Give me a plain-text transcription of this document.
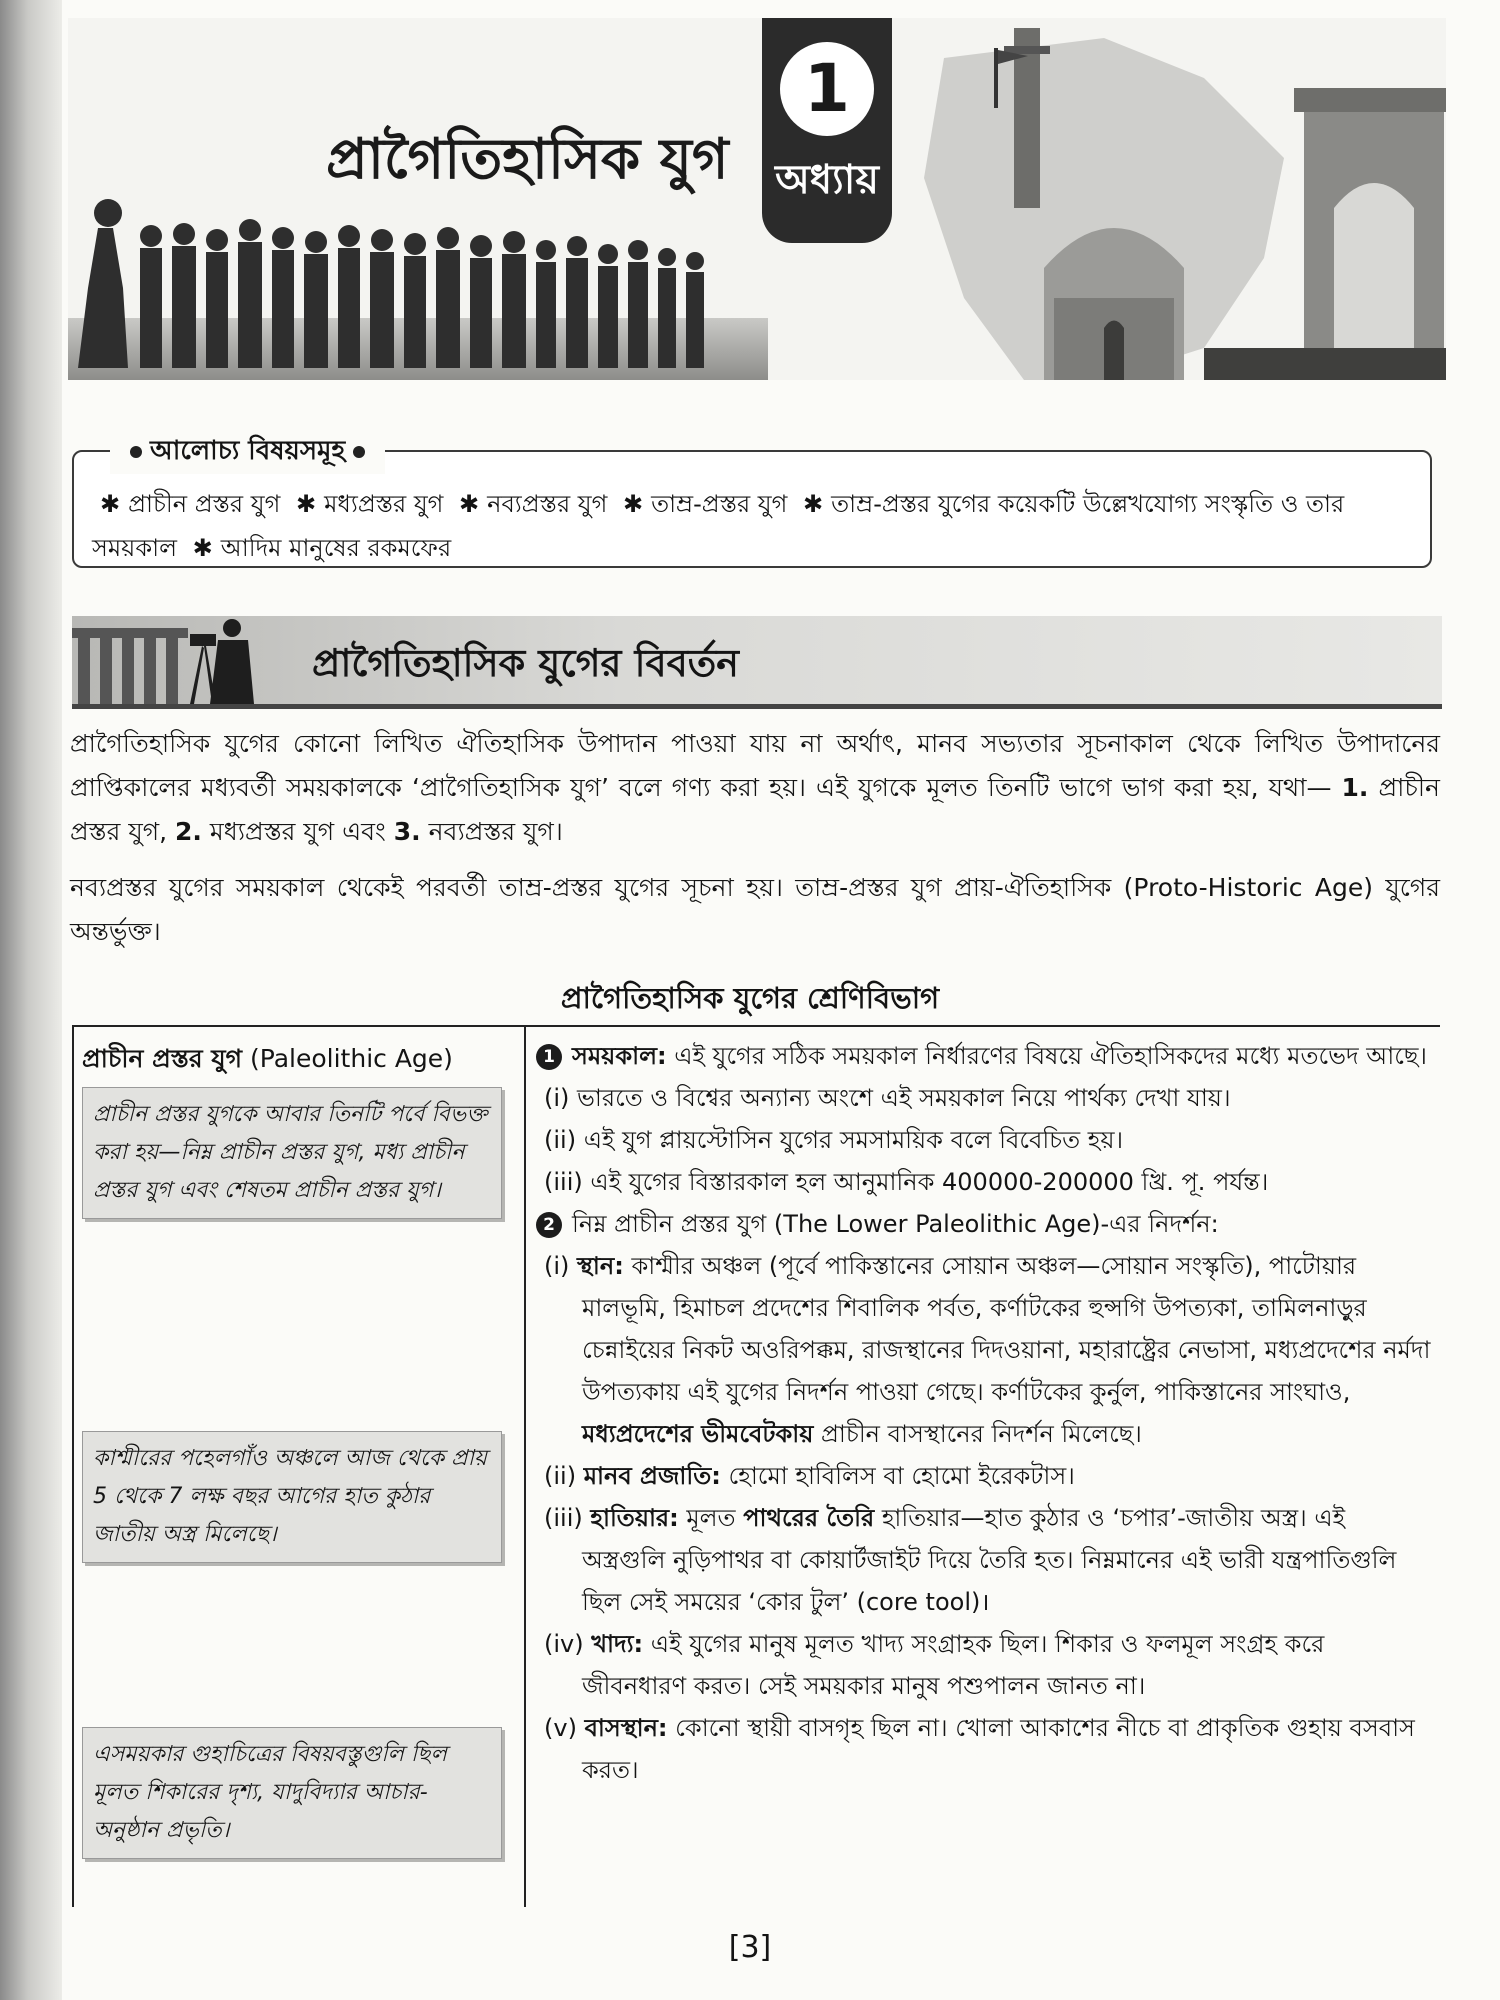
প্রাগৈতিহাসিক যুগ
1
অধ্যায়
আলোচ্য বিষয়সমূহ
✱ প্রাচীন প্রস্তর যুগ ✱ মধ্যপ্রস্তর যুগ ✱ নব্যপ্রস্তর যুগ ✱ তাম্র-প্রস্তর যুগ ✱ তাম্র-প্রস্তর যুগের কয়েকটি উল্লেখযোগ্য সংস্কৃতি ও তার সময়কাল ✱ আদিম মানুষের রকমফের
প্রাগৈতিহাসিক যুগের বিবর্তন

প্রাগৈতিহাসিক যুগের কোনো লিখিত ঐতিহাসিক উপাদান পাওয়া যায় না অর্থাৎ, মানব সভ্যতার সূচনাকাল থেকে লিখিত উপাদানের প্রাপ্তিকালের মধ্যবর্তী সময়কালকে ‘প্রাগৈতিহাসিক যুগ’ বলে গণ্য করা হয়। এই যুগকে মূলত তিনটি ভাগে ভাগ করা হয়, যথা— 1. প্রাচীন প্রস্তর যুগ, 2. মধ্যপ্রস্তর যুগ এবং 3. নব্যপ্রস্তর যুগ।

নব্যপ্রস্তর যুগের সময়কাল থেকেই পরবর্তী তাম্র-প্রস্তর যুগের সূচনা হয়। তাম্র-প্রস্তর যুগ প্রায়-ঐতিহাসিক (Proto-Historic Age) যুগের অন্তর্ভুক্ত।

প্রাগৈতিহাসিক যুগের শ্রেণিবিভাগ
প্রাচীন প্রস্তর যুগ (Paleolithic Age)
প্রাচীন প্রস্তর যুগকে আবার তিনটি পর্বে বিভক্ত করা হয়—নিম্ন প্রাচীন প্রস্তর যুগ, মধ্য প্রাচীন প্রস্তর যুগ এবং শেষতম প্রাচীন প্রস্তর যুগ।
কাশ্মীরের পহেলগাঁও অঞ্চলে আজ থেকে প্রায় 5 থেকে 7 লক্ষ বছর আগের হাত কুঠার জাতীয় অস্ত্র মিলেছে।
এসময়কার গুহাচিত্রের বিষয়বস্তুগুলি ছিল মূলত শিকারের দৃশ্য, যাদুবিদ্যার আচার-অনুষ্ঠান প্রভৃতি।

1 সময়কাল: এই যুগের সঠিক সময়কাল নির্ধারণের বিষয়ে ঐতিহাসিকদের মধ্যে মতভেদ আছে।

(i) ভারতে ও বিশ্বের অন্যান্য অংশে এই সময়কাল নিয়ে পার্থক্য দেখা যায়।

(ii) এই যুগ প্লায়স্টোসিন যুগের সমসাময়িক বলে বিবেচিত হয়।

(iii) এই যুগের বিস্তারকাল হল আনুমানিক 400000-200000 খ্রি. পূ. পর্যন্ত।

2 নিম্ন প্রাচীন প্রস্তর যুগ (The Lower Paleolithic Age)-এর নিদর্শন:

(i) স্থান: কাশ্মীর অঞ্চল (পূর্বে পাকিস্তানের সোয়ান অঞ্চল—সোয়ান সংস্কৃতি), পাটোয়ার মালভূমি, হিমাচল প্রদেশের শিবালিক পর্বত, কর্ণাটকের হুন্সগি উপত্যকা, তামিলনাড়ুর চেন্নাইয়ের নিকট অওরিপক্কম, রাজস্থানের দিদওয়ানা, মহারাষ্ট্রের নেভাসা, মধ্যপ্রদেশের নর্মদা উপত্যকায় এই যুগের নিদর্শন পাওয়া গেছে। কর্ণাটকের কুর্নুল, পাকিস্তানের সাংঘাও, মধ্যপ্রদেশের ভীমবেটকায় প্রাচীন বাসস্থানের নিদর্শন মিলেছে।

(ii) মানব প্রজাতি: হোমো হাবিলিস বা হোমো ইরেকটাস।

(iii) হাতিয়ার: মূলত পাথরের তৈরি হাতিয়ার—হাত কুঠার ও ‘চপার’-জাতীয় অস্ত্র। এই অস্ত্রগুলি নুড়িপাথর বা কোয়ার্টজাইট দিয়ে তৈরি হত। নিম্নমানের এই ভারী যন্ত্রপাতিগুলি ছিল সেই সময়ের ‘কোর টুল’ (core tool)।

(iv) খাদ্য: এই যুগের মানুষ মূলত খাদ্য সংগ্রাহক ছিল। শিকার ও ফলমূল সংগ্রহ করে জীবনধারণ করত। সেই সময়কার মানুষ পশুপালন জানত না।

(v) বাসস্থান: কোনো স্থায়ী বাসগৃহ ছিল না। খোলা আকাশের নীচে বা প্রাকৃতিক গুহায় বসবাস করত।

[3]
